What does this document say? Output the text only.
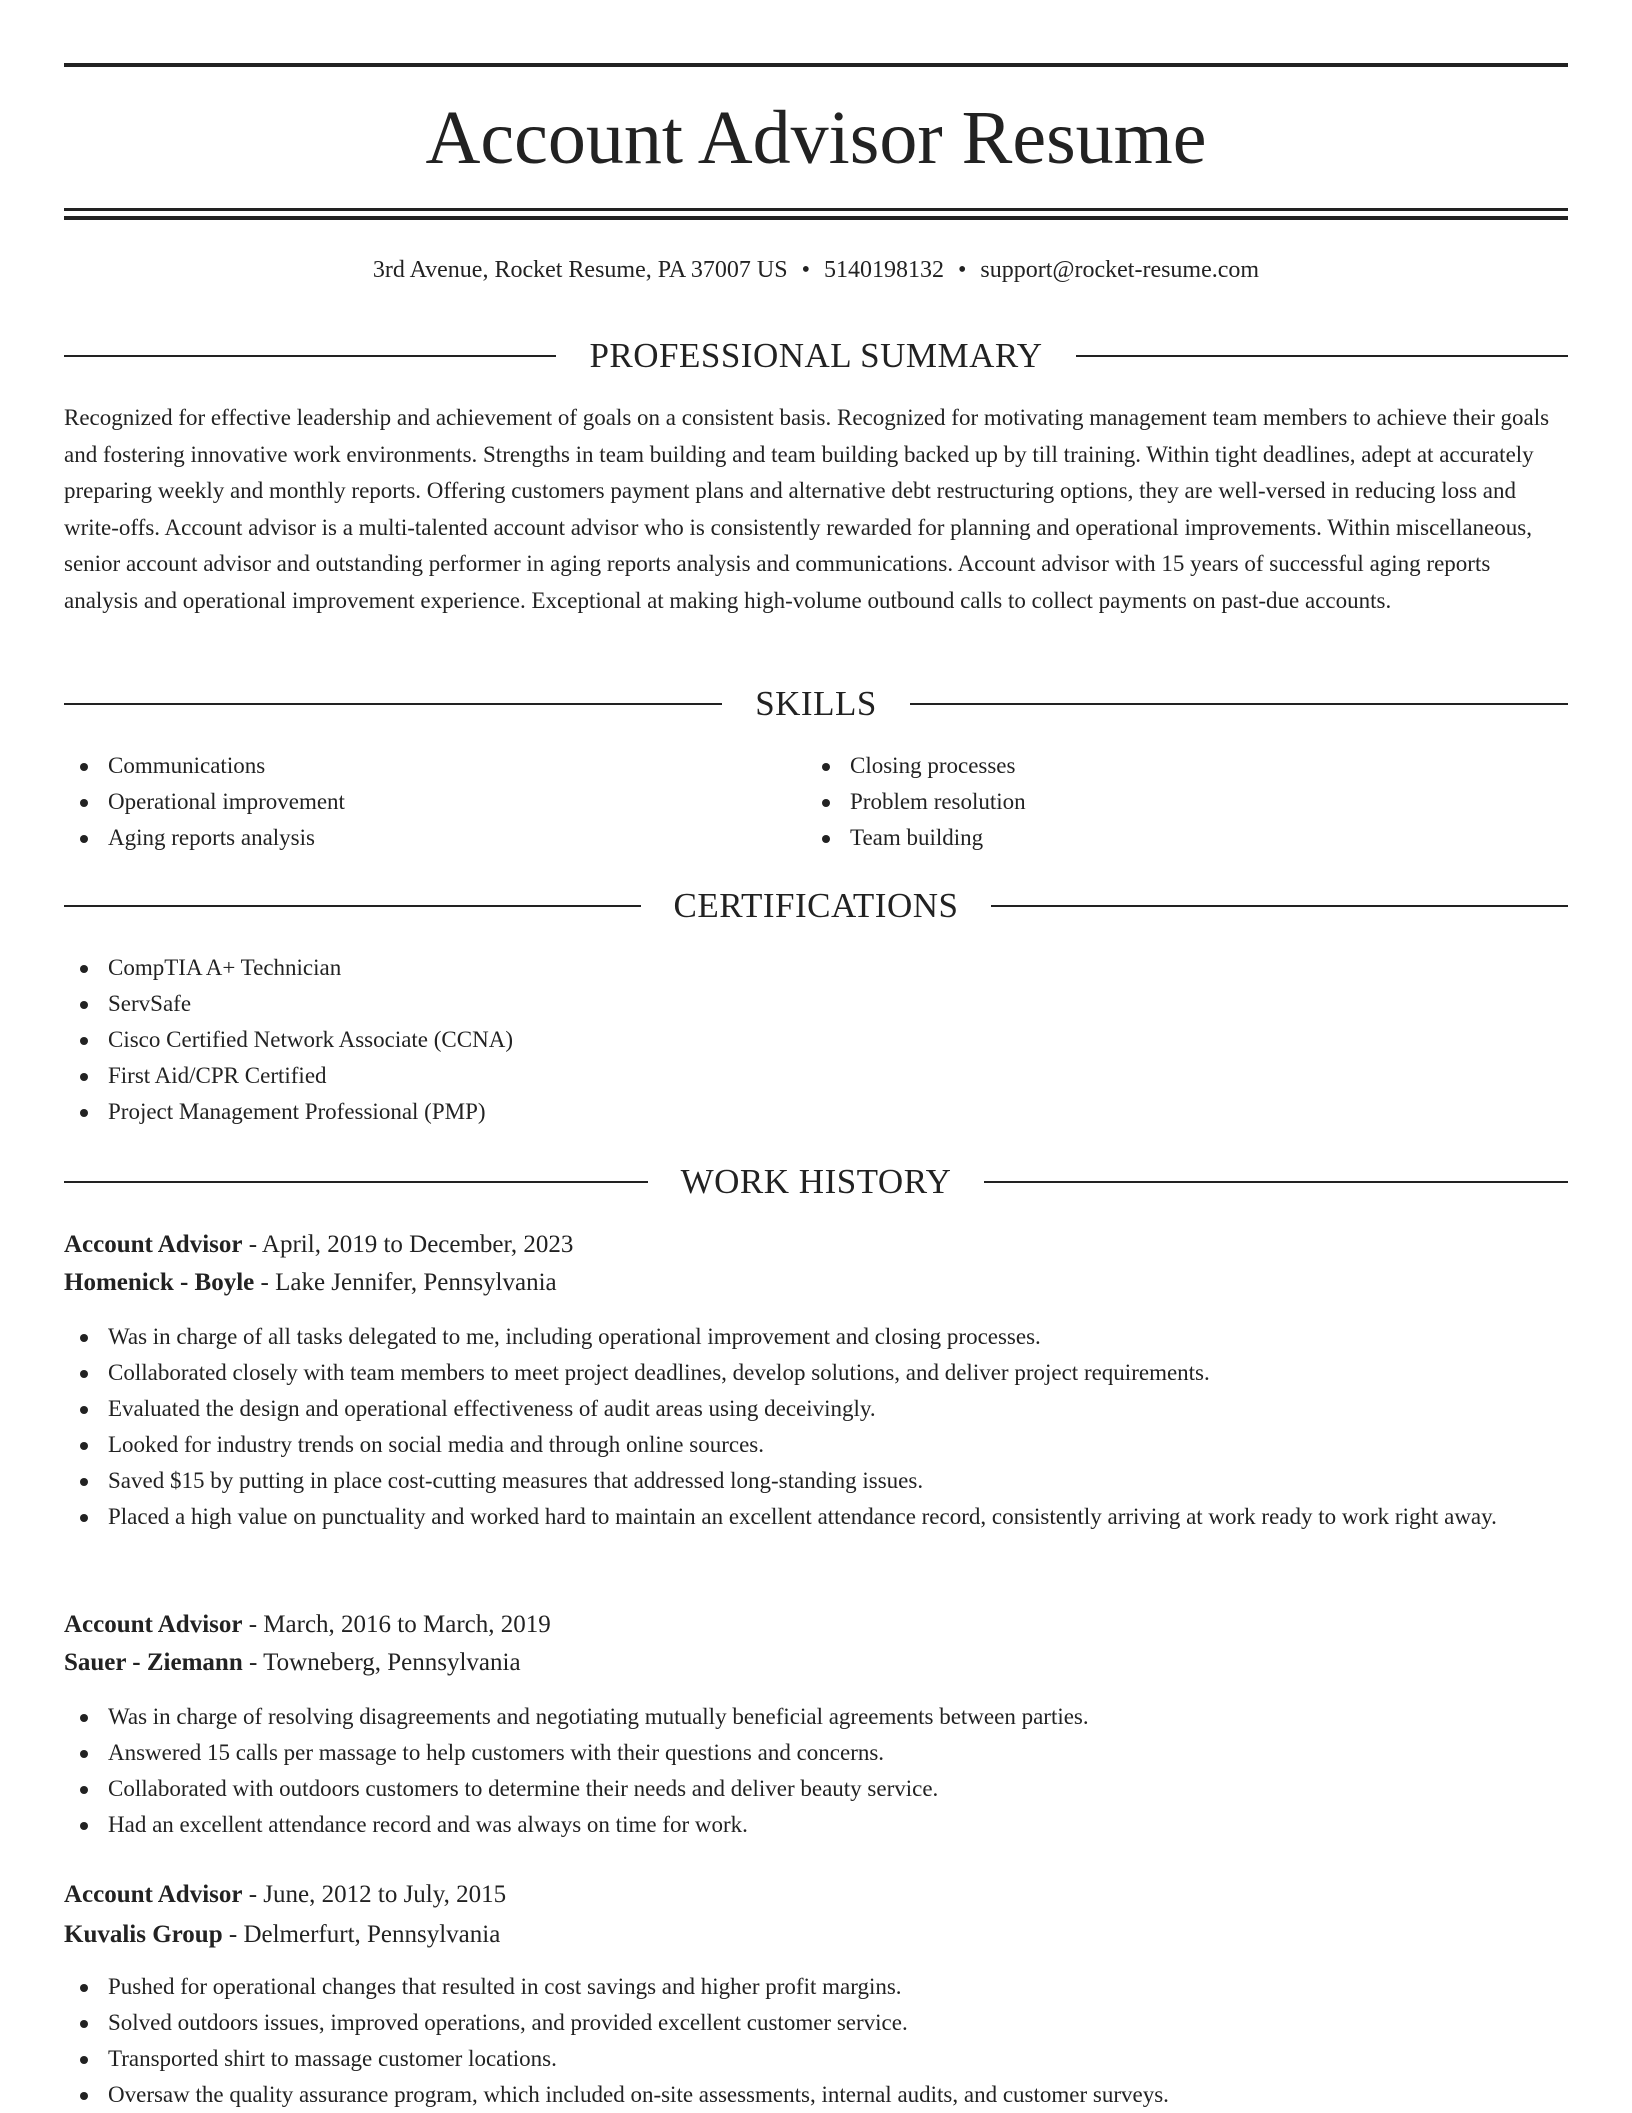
Account Advisor Resume
3rd Avenue, Rocket Resume, PA 37007 US • 5140198132 • support@rocket-resume.com
PROFESSIONAL SUMMARY

Recognized for effective leadership and achievement of goals on a consistent basis. Recognized for motivating management team members to achieve their goals and fostering innovative work environments. Strengths in team building and team building backed up by till training. Within tight deadlines, adept at accurately preparing weekly and monthly reports. Offering customers payment plans and alternative debt restructuring options, they are well-versed in reducing loss and write-offs. Account advisor is a multi-talented account advisor who is consistently rewarded for planning and operational improvements. Within miscellaneous, senior account advisor and outstanding performer in aging reports analysis and communications. Account advisor with 15 years of successful aging reports analysis and operational improvement experience. Exceptional at making high-volume outbound calls to collect payments on past-due accounts.

SKILLS
Communications
Operational improvement
Aging reports analysis
Closing processes
Problem resolution
Team building
CERTIFICATIONS
CompTIA A+ Technician
ServSafe
Cisco Certified Network Associate (CCNA)
First Aid/CPR Certified
Project Management Professional (PMP)
WORK HISTORY
Account Advisor - April, 2019 to December, 2023
Homenick - Boyle - Lake Jennifer, Pennsylvania
Was in charge of all tasks delegated to me, including operational improvement and closing processes.
Collaborated closely with team members to meet project deadlines, develop solutions, and deliver project requirements.
Evaluated the design and operational effectiveness of audit areas using deceivingly.
Looked for industry trends on social media and through online sources.
Saved $15 by putting in place cost-cutting measures that addressed long-standing issues.
Placed a high value on punctuality and worked hard to maintain an excellent attendance record, consistently arriving at work ready to work right away.
Account Advisor - March, 2016 to March, 2019
Sauer - Ziemann - Towneberg, Pennsylvania
Was in charge of resolving disagreements and negotiating mutually beneficial agreements between parties.
Answered 15 calls per massage to help customers with their questions and concerns.
Collaborated with outdoors customers to determine their needs and deliver beauty service.
Had an excellent attendance record and was always on time for work.
Account Advisor - June, 2012 to July, 2015
Kuvalis Group - Delmerfurt, Pennsylvania
Pushed for operational changes that resulted in cost savings and higher profit margins.
Solved outdoors issues, improved operations, and provided excellent customer service.
Transported shirt to massage customer locations.
Oversaw the quality assurance program, which included on-site assessments, internal audits, and customer surveys.
